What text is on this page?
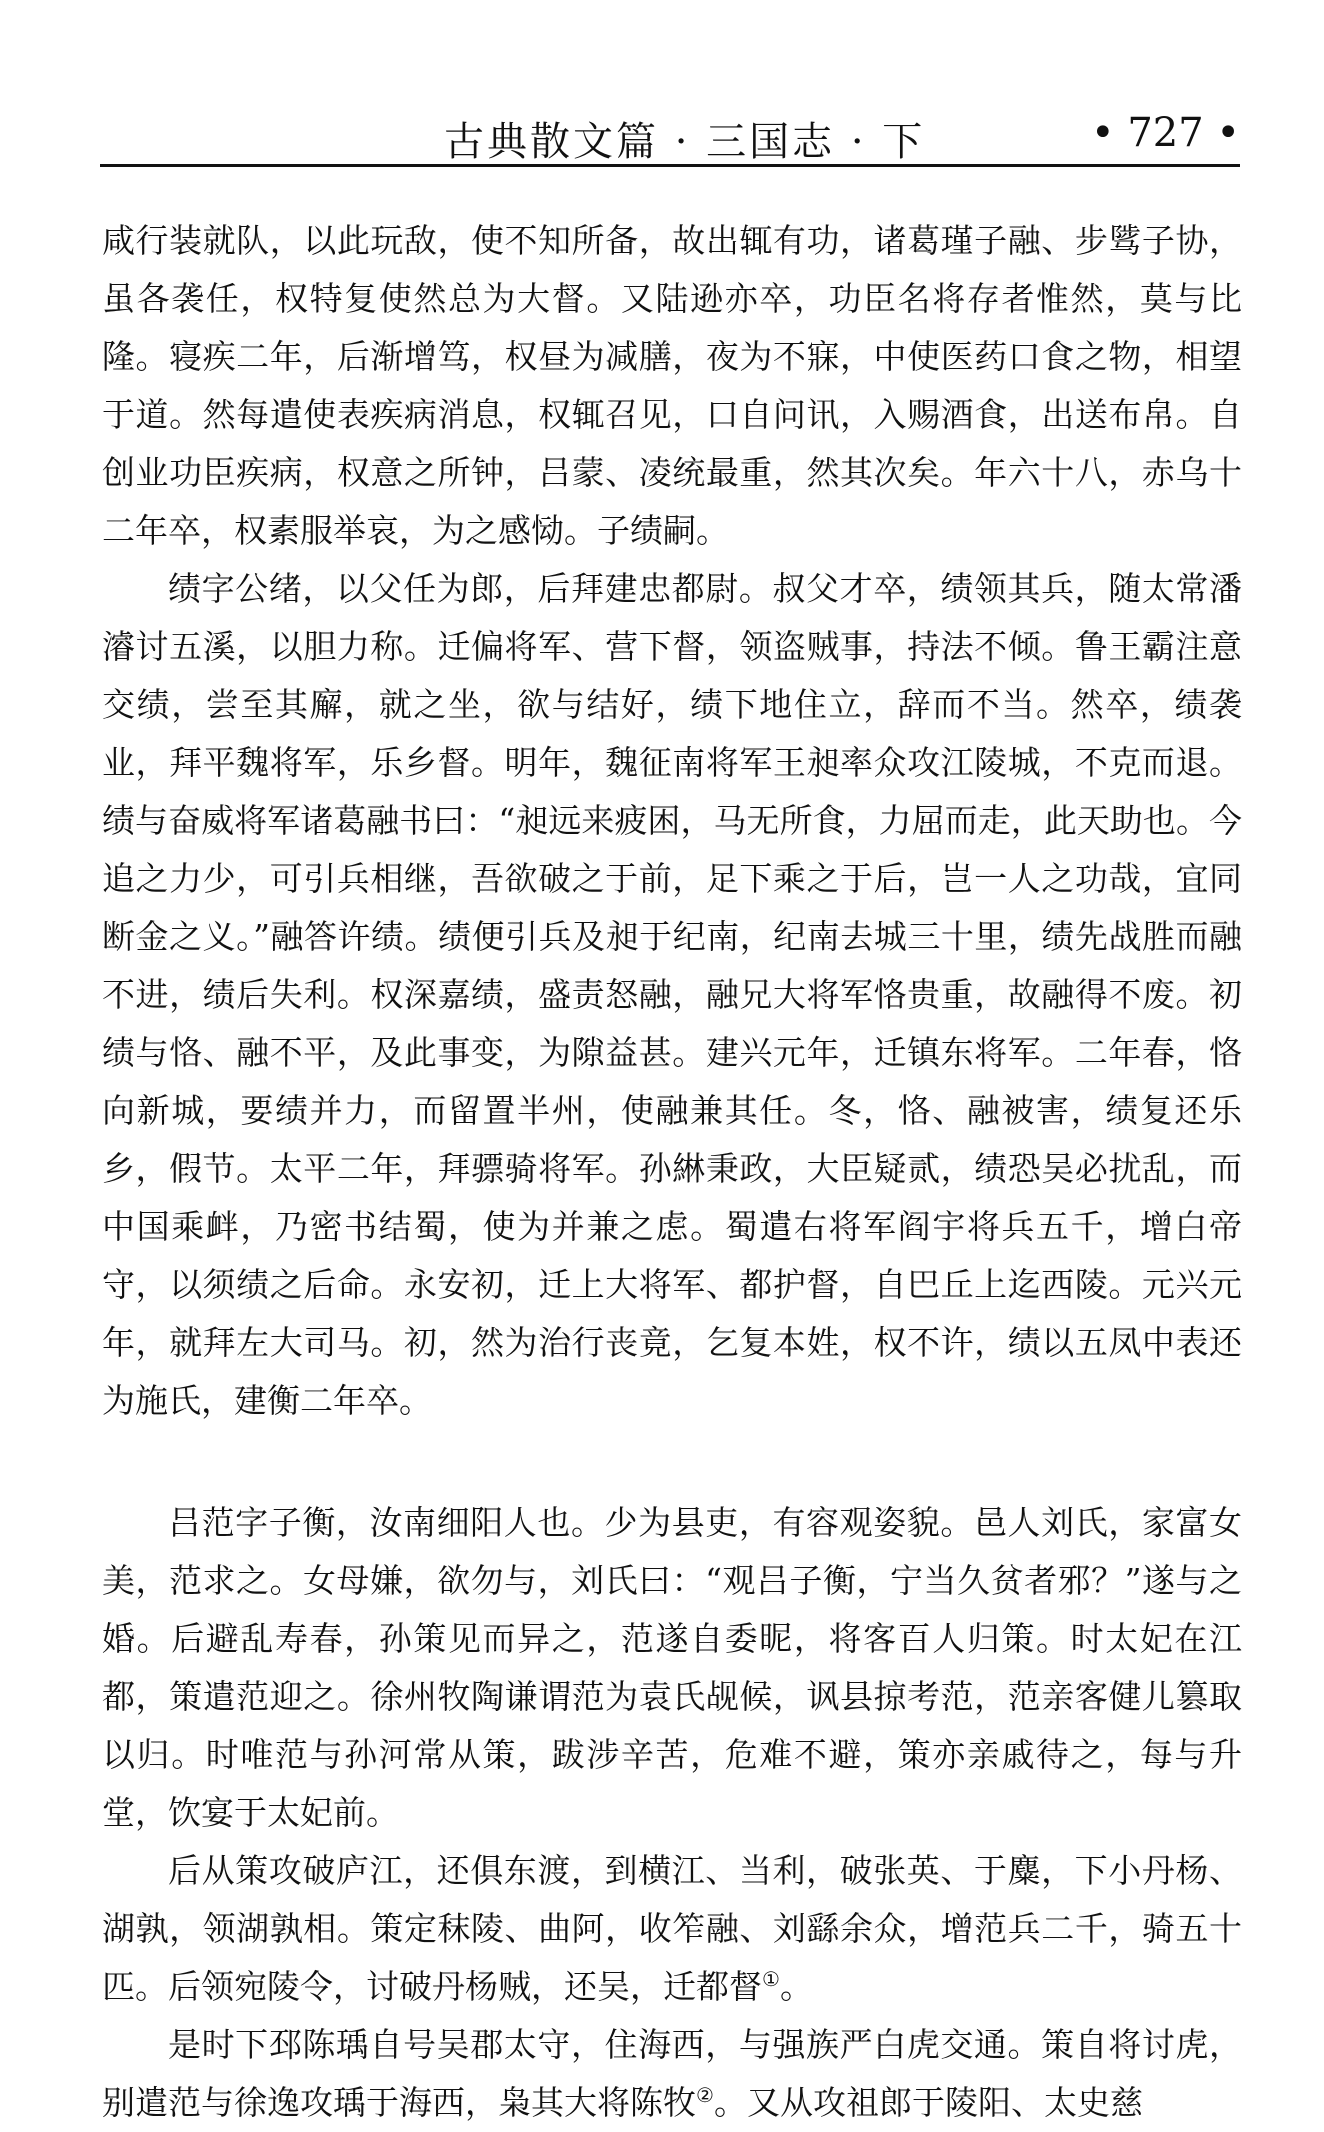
古典散文篇 · 三国志 · 下	• 727 •

咸行装就队，以此玩敌，使不知所备，故出辄有功，诸葛瑾子融、步骘子协，虽各袭任，权特复使然总为大督。又陆逊亦卒，功臣名将存者惟然，莫与比隆。寝疾二年，后渐增笃，权昼为减膳，夜为不寐，中使医药口食之物，相望于道。然每遣使表疾病消息，权辄召见，口自问讯，入赐酒食，出送布帛。自创业功臣疾病，权意之所钟，吕蒙、凌统最重，然其次矣。年六十八，赤乌十二年卒，权素服举哀，为之感恸。子绩嗣。

绩字公绪，以父任为郎，后拜建忠都尉。叔父才卒，绩领其兵，随太常潘濬讨五溪，以胆力称。迁偏将军、营下督，领盗贼事，持法不倾。鲁王霸注意交绩，尝至其廨，就之坐，欲与结好，绩下地住立，辞而不当。然卒，绩袭业，拜平魏将军，乐乡督。明年，魏征南将军王昶率众攻江陵城，不克而退。绩与奋威将军诸葛融书曰：“昶远来疲困，马无所食，力屈而走，此天助也。今追之力少，可引兵相继，吾欲破之于前，足下乘之于后，岂一人之功哉，宜同断金之义。”融答许绩。绩便引兵及昶于纪南，纪南去城三十里，绩先战胜而融不进，绩后失利。权深嘉绩，盛责怒融，融兄大将军恪贵重，故融得不废。初绩与恪、融不平，及此事变，为隙益甚。建兴元年，迁镇东将军。二年春，恪向新城，要绩并力，而留置半州，使融兼其任。冬，恪、融被害，绩复还乐乡，假节。太平二年，拜骠骑将军。孙綝秉政，大臣疑贰，绩恐吴必扰乱，而中国乘衅，乃密书结蜀，使为并兼之虑。蜀遣右将军阎宇将兵五千，增白帝守，以须绩之后命。永安初，迁上大将军、都护督，自巴丘上迄西陵。元兴元年，就拜左大司马。初，然为治行丧竟，乞复本姓，权不许，绩以五凤中表还为施氏，建衡二年卒。

吕范字子衡，汝南细阳人也。少为县吏，有容观姿貌。邑人刘氏，家富女美，范求之。女母嫌，欲勿与，刘氏曰：“观吕子衡，宁当久贫者邪？”遂与之婚。后避乱寿春，孙策见而异之，范遂自委昵，将客百人归策。时太妃在江都，策遣范迎之。徐州牧陶谦谓范为袁氏觇候，讽县掠考范，范亲客健儿篡取以归。时唯范与孙河常从策，跋涉辛苦，危难不避，策亦亲戚待之，每与升堂，饮宴于太妃前。

后从策攻破庐江，还俱东渡，到横江、当利，破张英、于麋，下小丹杨、湖孰，领湖孰相。策定秣陵、曲阿，收笮融、刘繇余众，增范兵二千，骑五十匹。后领宛陵令，讨破丹杨贼，还吴，迁都督①。

是时下邳陈瑀自号吴郡太守，住海西，与强族严白虎交通。策自将讨虎，别遣范与徐逸攻瑀于海西，枭其大将陈牧②。又从攻祖郎于陵阳、太史慈
